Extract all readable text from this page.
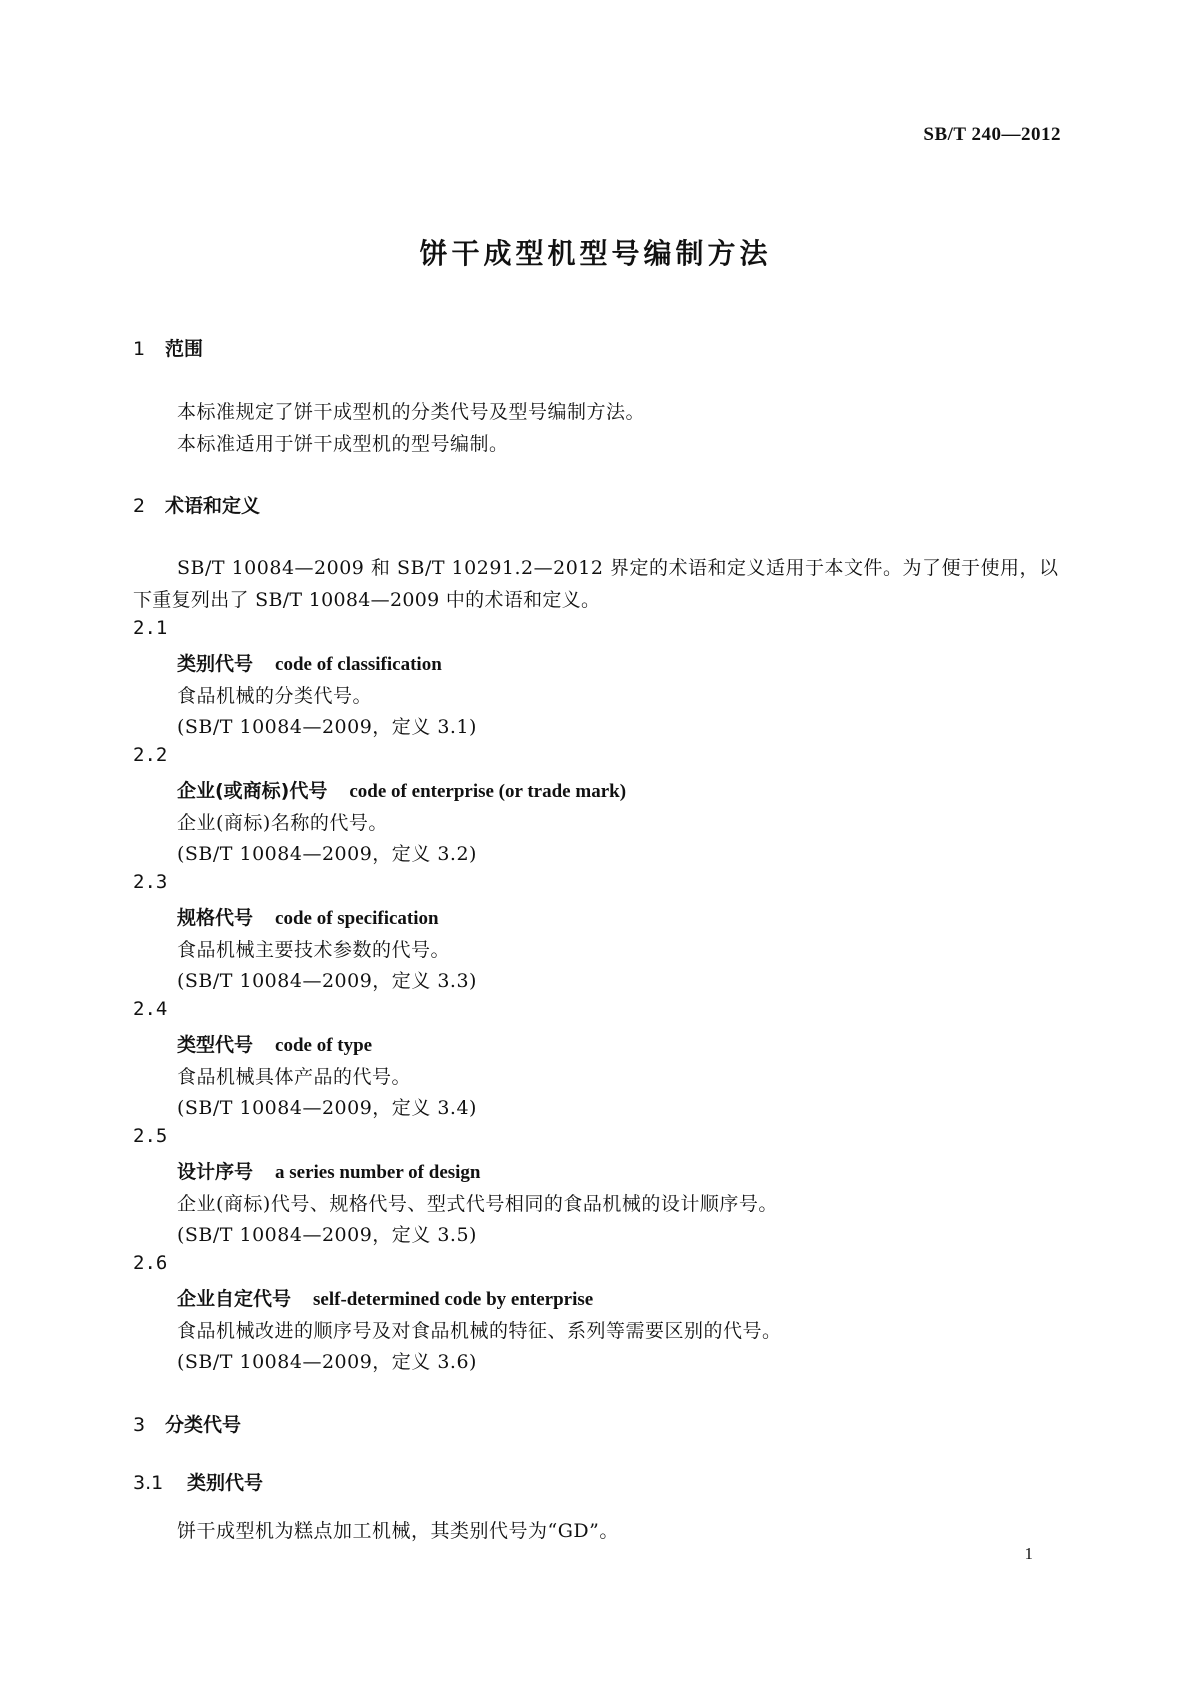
SB/T 240—2012
饼干成型机型号编制方法
1 范围
本标准规定了饼干成型机的分类代号及型号编制方法。
本标准适用于饼干成型机的型号编制。
2 术语和定义
SB/T 10084—2009 和 SB/T 10291.2—2012 界定的术语和定义适用于本文件。为了便于使用，以
下重复列出了 SB/T 10084—2009 中的术语和定义。
2.1
类别代号 code of classification
食品机械的分类代号。
(SB/T 10084—2009，定义 3.1)
2.2
企业(或商标)代号 code of enterprise (or trade mark)
企业(商标)名称的代号。
(SB/T 10084—2009，定义 3.2)
2.3
规格代号 code of specification
食品机械主要技术参数的代号。
(SB/T 10084—2009，定义 3.3)
2.4
类型代号 code of type
食品机械具体产品的代号。
(SB/T 10084—2009，定义 3.4)
2.5
设计序号 a series number of design
企业(商标)代号、规格代号、型式代号相同的食品机械的设计顺序号。
(SB/T 10084—2009，定义 3.5)
2.6
企业自定代号 self-determined code by enterprise
食品机械改进的顺序号及对食品机械的特征、系列等需要区别的代号。
(SB/T 10084—2009，定义 3.6)
3 分类代号
3.1 类别代号
饼干成型机为糕点加工机械，其类别代号为“GD”。
1
